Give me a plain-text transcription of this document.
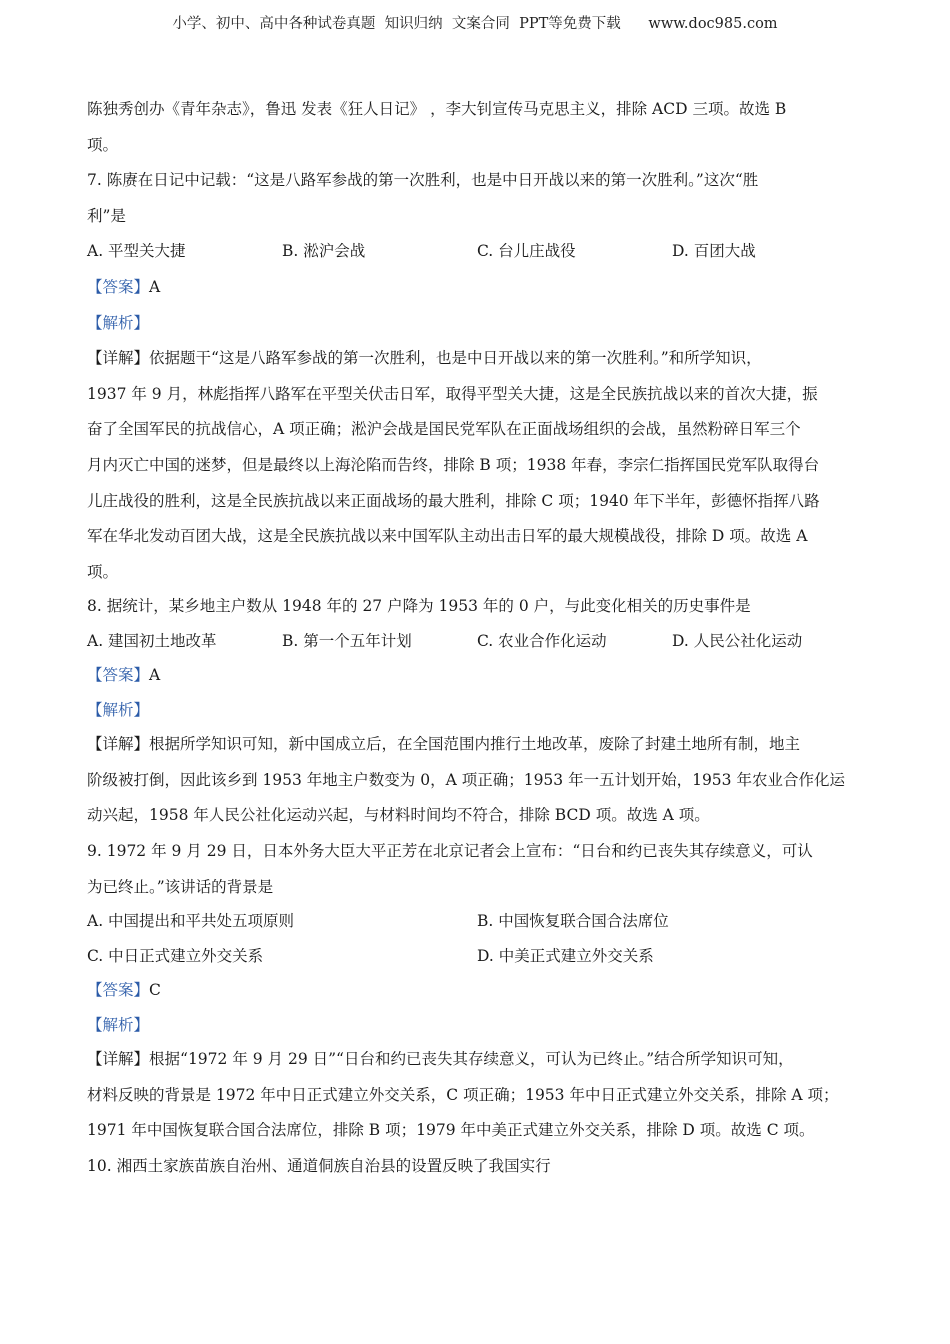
小学、初中、高中各种试卷真题  知识归纳  文案合同  PPT等免费下载      www.doc985.com
陈独秀创办《青年杂志》，鲁迅 发表《狂人日记》 ，李大钊宣传马克思主义，排除 ACD 三项。故选 B
项。
7. 陈赓在日记中记载：“这是八路军参战的第一次胜利，也是中日开战以来的第一次胜利。”这次“胜
利”是
A. 平型关大捷	B. 淞沪会战	C. 台儿庄战役	D. 百团大战
【答案】A
【解析】
【详解】依据题干“这是八路军参战的第一次胜利，也是中日开战以来的第一次胜利。”和所学知识，
1937 年 9 月，林彪指挥八路军在平型关伏击日军，取得平型关大捷，这是全民族抗战以来的首次大捷，振
奋了全国军民的抗战信心，A 项正确；淞沪会战是国民党军队在正面战场组织的会战，虽然粉碎日军三个
月内灭亡中国的迷梦，但是最终以上海沦陷而告终，排除 B 项；1938 年春，李宗仁指挥国民党军队取得台
儿庄战役的胜利，这是全民族抗战以来正面战场的最大胜利，排除 C 项；1940 年下半年，彭德怀指挥八路
军在华北发动百团大战，这是全民族抗战以来中国军队主动出击日军的最大规模战役，排除 D 项。故选 A
项。
8. 据统计，某乡地主户数从 1948 年的 27 户降为 1953 年的 0 户，与此变化相关的历史事件是
A. 建国初土地改革	B. 第一个五年计划	C. 农业合作化运动	D. 人民公社化运动
【答案】A
【解析】
【详解】根据所学知识可知，新中国成立后，在全国范围内推行土地改革，废除了封建土地所有制，地主
阶级被打倒，因此该乡到 1953 年地主户数变为 0，A 项正确；1953 年一五计划开始，1953 年农业合作化运
动兴起，1958 年人民公社化运动兴起，与材料时间均不符合，排除 BCD 项。故选 A 项。
9. 1972 年 9 月 29 日，日本外务大臣大平正芳在北京记者会上宣布：“日台和约已丧失其存续意义，可认
为已终止。”该讲话的背景是
A. 中国提出和平共处五项原则	B. 中国恢复联合国合法席位
C. 中日正式建立外交关系	D. 中美正式建立外交关系
【答案】C
【解析】
【详解】根据“1972 年 9 月 29 日”“日台和约已丧失其存续意义，可认为已终止。”结合所学知识可知，
材料反映的背景是 1972 年中日正式建立外交关系，C 项正确；1953 年中日正式建立外交关系，排除 A 项；
1971 年中国恢复联合国合法席位，排除 B 项；1979 年中美正式建立外交关系，排除 D 项。故选 C 项。
10. 湘西土家族苗族自治州、通道侗族自治县的设置反映了我国实行
